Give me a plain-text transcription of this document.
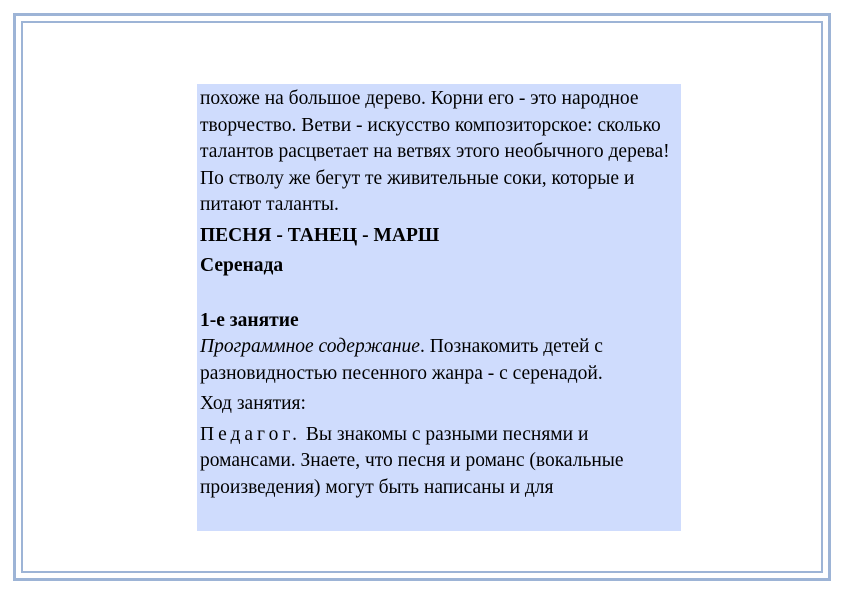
похоже на большое дерево. Корни его - это народное творчество. Ветви - искусство композиторское: сколько талантов расцветает на ветвях этого необычного дерева! По стволу же бегут те живительные соки, которые и питают таланты.

ПЕСНЯ - ТАНЕЦ - МАРШ

Серенада

1-е занятие

Программное содержание. Познакомить детей с разновидностью песенного жанра - с серенадой.

Ход занятия:

Педагог. Вы знакомы с разными песнями и романсами. Знаете, что песня и романс (вокальные произведения) могут быть написаны и для
